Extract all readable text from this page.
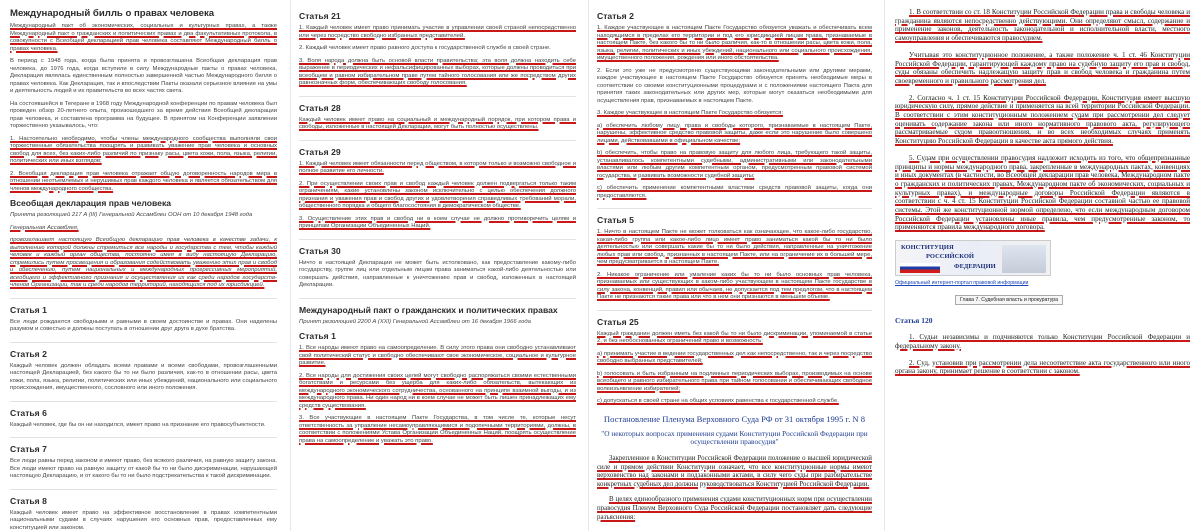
Международный билль о правах человека
Международный пакт об экономических, социальных и культурных правах, а также Международный пакт о гражданских и политических правах и два факультативных протокола, в совокупности с Всеобщей декларацией прав человека составляют Международный билль о правах человека.
В период с 1948 года, когда была принята и провозглашена Всеобщая декларация прав человека, до 1976 года, когда вступили в силу Международные пакты о правах человека, Декларация являлась единственным полностью завершенной частью Международного билля о правах человека. Как Декларация, так и впоследствии Пакты оказали серьезное влияние на умы и деятельность людей и их правительств во всех частях света.
На состоявшейся в Тегеране в 1968 году Международной конференции по правам человека был проведен обзор 20-летнего опыта, произошедшего за время действия Всеобщей декларации прав человека, и составлена программа на будущее. В принятом на Конференции заявлении торжественно указывалось, что:
1. Настоятельно необходимо, чтобы члены международного сообщества выполняли свои торжественные обязательства поощрять и развивать уважение прав человека и основных свобод для всех, без каких-либо различий по признаку расы, цвета кожи, пола, языка, религии, политических или иных взглядов;
2. Всеобщая декларация прав человека отражает общую договоренность народов мира в отношении неотъемлемых и нерушимых прав каждого человека и является обязательством для членов международного сообщества.
Всеобщая декларация прав человека
Принята резолюцией 217 A (III) Генеральной Ассамблеи ООН от 10 декабря 1948 года
Генеральная Ассамблея,
провозглашает настоящую Всеобщую декларацию прав человека в качестве задачи, к выполнению которой должны стремиться все народы и государства с тем, чтобы каждый человек и каждый орган общества, постоянно имея в виду настоящую Декларацию, стремились путем просвещения и образования содействовать уважению этих прав и свобод и обеспечению, путем национальных и международных прогрессивных мероприятий, всеобщего и эффективного признания и осуществления их как среди народов государств-членов Организации, так и среди народов территорий, находящихся под их юрисдикцией.
Статья 1
Все люди рождаются свободными и равными в своем достоинстве и правах. Они наделены разумом и совестью и должны поступать в отношении друг друга в духе братства.
Статья 2
Каждый человек должен обладать всеми правами и всеми свободами, провозглашенными настоящей Декларацией, без какого бы то ни было различия, как-то в отношении расы, цвета кожи, пола, языка, религии, политических или иных убеждений, национального или социального происхождения, имущественного, сословного или иного положения.
Статья 6
Каждый человек, где бы он ни находился, имеет право на признание его правосубъектности.
Статья 7
Все люди равны перед законом и имеют право, без всякого различия, на равную защиту закона. Все люди имеют право на равную защиту от какой бы то ни было дискриминации, нарушающей настоящую Декларацию, и от какого бы то ни было подстрекательства к такой дискриминации.
Статья 8
Каждый человек имеет право на эффективное восстановление в правах компетентными национальными судами в случаях нарушения его основных прав, предоставленных ему конституцией или законом.
Статья 21
1. Каждый человек имеет право принимать участие в управлении своей страной непосредственно или через посредство свободно избранных представителей.
2. Каждый человек имеет право равного доступа к государственной службе в своей стране.
3. Воля народа должна быть основой власти правительства; эта воля должна находить себе выражение в периодических и нефальсифицированных выборах, которые должны проводиться при всеобщем и равном избирательном праве путем тайного голосования или же посредством других равнозначных форм, обеспечивающих свободу голосования.
Статья 28
Каждый человек имеет право на социальный и международный порядок, при котором права и свободы, изложенные в настоящей Декларации, могут быть полностью осуществлены.
Статья 29
1. Каждый человек имеет обязанности перед обществом, в котором только и возможно свободное и полное развитие его личности.
2. При осуществлении своих прав и свобод каждый человек должен подвергаться только таким ограничениям, какие установлены законом исключительно с целью обеспечения должного признания и уважения прав и свобод других и удовлетворения справедливых требований морали, общественного порядка и общего благосостояния в демократическом обществе.
3. Осуществление этих прав и свобод ни в коем случае не должно противоречить целям и принципам Организации Объединенных Наций.
Статья 30
Ничто в настоящей Декларации не может быть истолковано, как предоставление какому-либо государству, группе лиц или отдельным лицам права заниматься какой-либо деятельностью или совершать действия, направленные к уничтожению прав и свобод, изложенных в настоящей Декларации.
Международный пакт о гражданских и политических правах
Принят резолюцией 2200 A (XXI) Генеральной Ассамблеи от 16 декабря 1966 года
Статья 1
1. Все народы имеют право на самоопределение. В силу этого права они свободно устанавливают свой политический статус и свободно обеспечивают свое экономическое, социальное и культурное развитие.
2. Все народы для достижения своих целей могут свободно распоряжаться своими естественными богатствами и ресурсами без ущерба для каких-либо обязательств, вытекающих из международного экономического сотрудничества, основанного на принципе взаимной выгоды, и из международного права. Ни один народ ни в коем случае не может быть лишен принадлежащих ему средств существования.
3. Все участвующие в настоящем Пакте Государства, в том числе те, которые несут ответственность за управление несамоуправляющимися и подопечными территориями, должны, в соответствии с положениями Устава Организации Объединенных Наций, поощрять осуществление права на самоопределение и уважать это право.
Статья 2
1. Каждое участвующее в настоящем Пакте Государство обязуется уважать и обеспечивать всем находящимся в пределах его территории и под его юрисдикцией лицам права, признаваемые в настоящем Пакте, без какого бы то ни было различия, как-то в отношении расы, цвета кожи, пола, языка, религии, политических и иных убеждений, национального или социального происхождения, имущественного положения, рождения или иного обстоятельства.
2. Если это уже не предусмотрено существующими законодательными или другими мерами, каждое участвующее в настоящем Пакте Государство обязуется принять необходимые меры в соответствии со своими конституционными процедурами и с положениями настоящего Пакта для принятия таких законодательных или других мер, которые могут оказаться необходимыми для осуществления прав, признаваемых в настоящем Пакте.
3. Каждое участвующее в настоящем Пакте Государство обязуется:
a) обеспечить любому лицу, права и свободы которого, признаваемые в настоящем Пакте, нарушены, эффективное средство правовой защиты, даже если это нарушение было совершено лицами, действовавшими в официальном качестве;
b) обеспечить, чтобы право на правовую защиту для любого лица, требующего такой защиты, устанавливалось компетентными судебными, административными или законодательными властями или любым другим компетентным органом, предусмотренным правовой системой государства, и развивать возможности судебной защиты;
c) обеспечить применение компетентными властями средств правовой защиты, когда они предоставляются.
Статья 5
1. Ничто в настоящем Пакте не может толковаться как означающее, что какое-либо государство, какая-либо группа или какое-либо лицо имеет право заниматься какой бы то ни было деятельностью или совершать какие бы то ни было действия, направленные на уничтожение любых прав или свобод, признанных в настоящем Пакте, или на ограничение их в большей мере, чем предусматривается в настоящем Пакте.
2. Никакое ограничение или умаление каких бы то ни было основных прав человека, признаваемых или существующих в каком-либо участвующем в настоящем Пакте государстве в силу закона, конвенций, правил или обычаев, не допускается под тем предлогом, что в настоящем Пакте не признаются такие права или что в нем они признаются в меньшем объеме.
Статья 25
Каждый гражданин должен иметь без какой бы то ни было дискриминации, упоминаемой в статье 2, и без необоснованных ограничений право и возможность:
a) принимать участие в ведении государственных дел как непосредственно, так и через посредство свободно выбранных представителей;
b) голосовать и быть избранным на подлинных периодических выборах, производимых на основе всеобщего и равного избирательного права при тайном голосовании и обеспечивающих свободное волеизъявление избирателей;
c) допускаться в своей стране на общих условиях равенства к государственной службе.
Постановление Пленума Верховного Суда РФ от 31 октября 1995 г. N 8
"О некоторых вопросах применения судами Конституции Российской Федерации при осуществлении правосудия"
Закрепленное в Конституции Российской Федерации положение о высшей юридической силе и прямом действии Конституции означает, что все конституционные нормы имеют верховенство над законами и подзаконными актами, в силу чего суды при разбирательстве конкретных судебных дел должны руководствоваться Конституцией Российской Федерации.
В целях единообразного применения судами конституционных норм при осуществлении правосудия Пленум Верховного Суда Российской Федерации постановляет дать следующие разъяснения:
1. В соответствии со ст. 18 Конституции Российской Федерации права и свободы человека и гражданина являются непосредственно действующими. Они определяют смысл, содержание и применение законов, деятельность законодательной и исполнительной власти, местного самоуправления и обеспечиваются правосудием.
Учитывая это конституционное положение, а также положение ч. 1 ст. 46 Конституции Российской Федерации, гарантирующей каждому право на судебную защиту его прав и свобод, суды обязаны обеспечить надлежащую защиту прав и свобод человека и гражданина путем своевременного и правильного рассмотрения дел.
2. Согласно ч. 1 ст. 15 Конституции Российской Федерации, Конституция имеет высшую юридическую силу, прямое действие и применяется на всей территории Российской Федерации. В соответствии с этим конституционным положением судам при рассмотрении дел следует оценивать содержание закона или иного нормативного правового акта, регулирующего рассматриваемые судом правоотношения, и во всех необходимых случаях применять Конституцию Российской Федерации в качестве акта прямого действия.
5. Судам при осуществлении правосудия надлежит исходить из того, что общепризнанные принципы и нормы международного права, закрепленные в международных пактах, конвенциях и иных документах (в частности, во Всеобщей декларации прав человека, Международном пакте о гражданских и политических правах, Международном пакте об экономических, социальных и культурных правах), и международные договоры Российской Федерации являются в соответствии с ч. 4 ст. 15 Конституции Российской Федерации составной частью ее правовой системы. Этой же конституционной нормой определено, что если международным договором Российской Федерации установлены иные правила, чем предусмотренные законом, то применяются правила международного договора.
КОНСТИТУЦИЯ
РОССИЙСКОЙ
ФЕДЕРАЦИИ
Официальный интернет-портал правовой информации
Глава 7. Судебная власть и прокуратура
Статья 120
1. Судьи независимы и подчиняются только Конституции Российской Федерации и федеральному закону.
2. Суд, установив при рассмотрении дела несоответствие акта государственного или иного органа закону, принимает решение в соответствии с законом.
